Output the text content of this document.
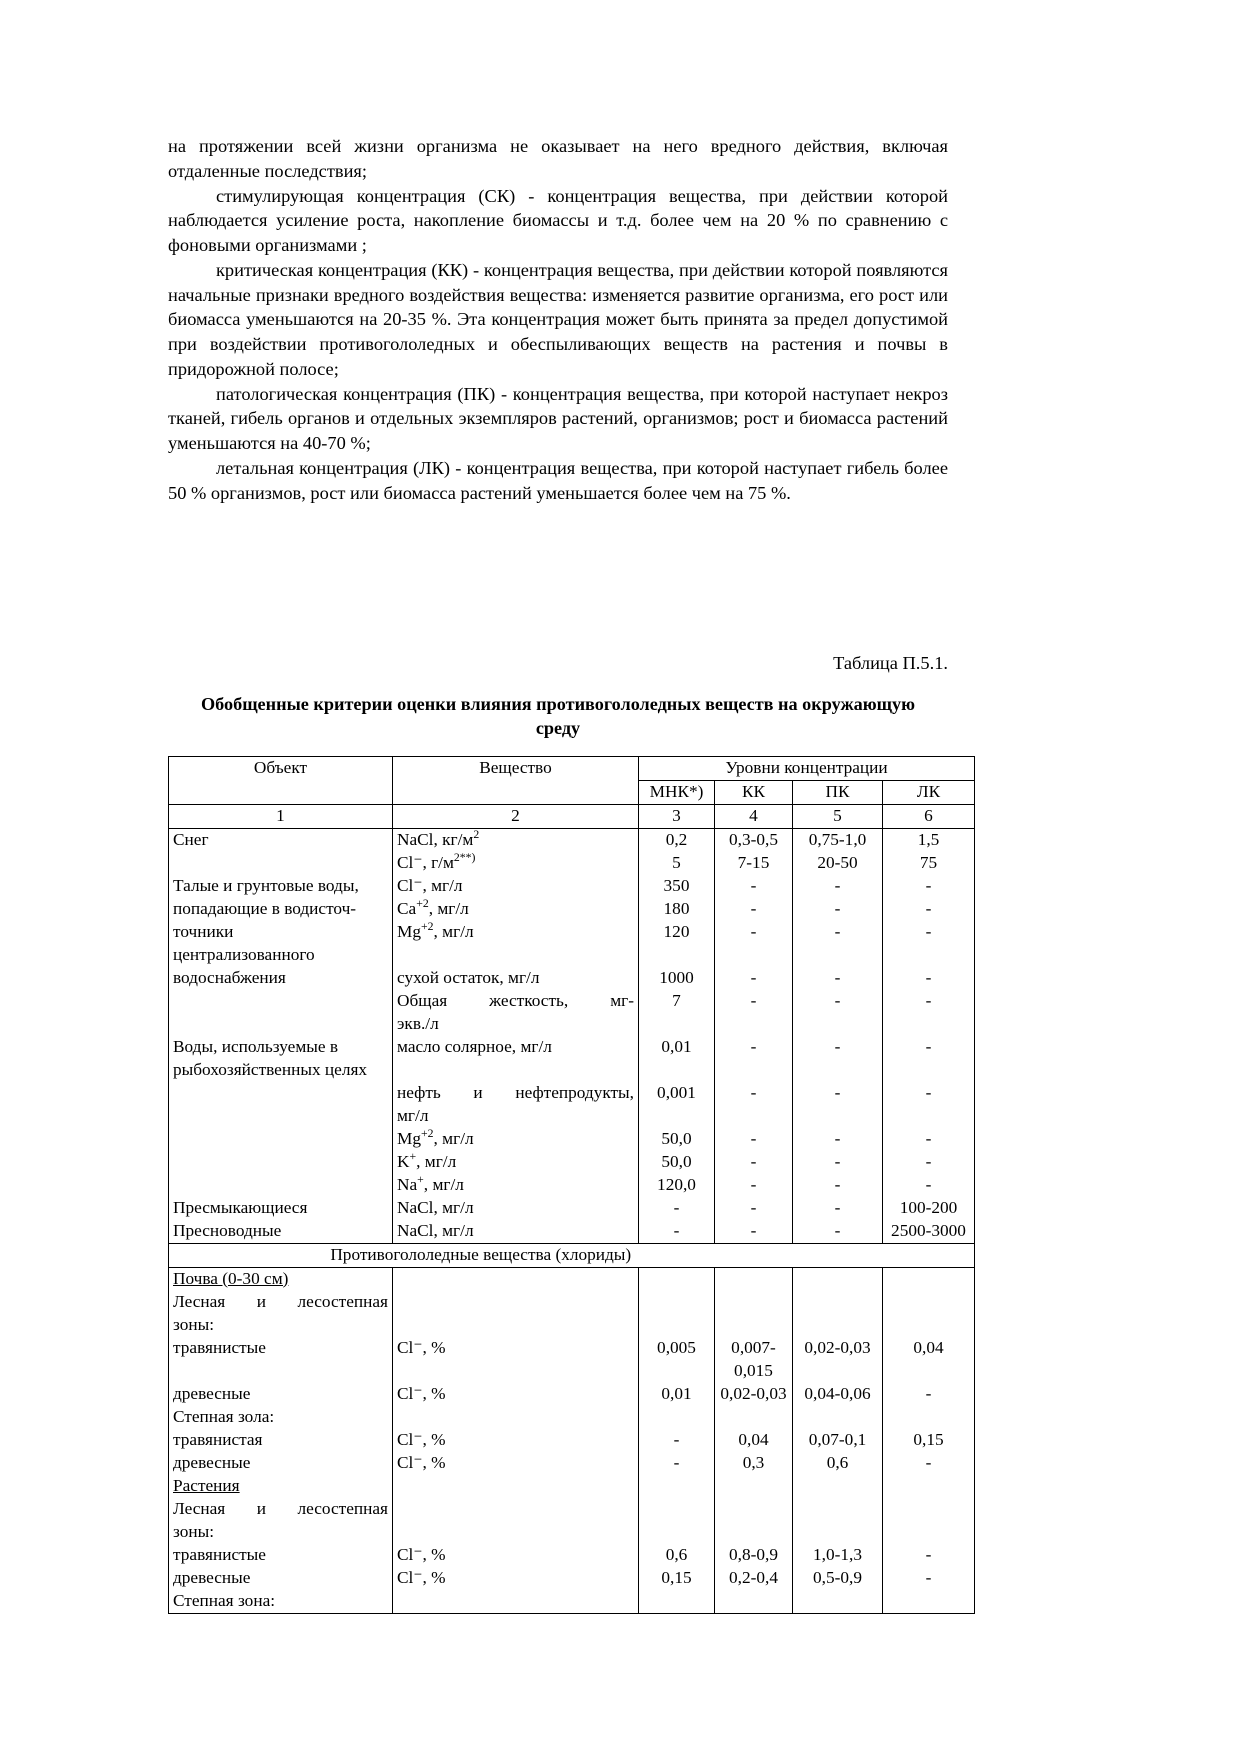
на протяжении всей жизни организма не оказывает на него вредного действия, включая отдаленные последствия;

стимулирующая концентрация (СК) - концентрация вещества, при действии которой наблюдается усиление роста, накопление биомассы и т.д. более чем на 20 % по сравнению с фоновыми организмами ;

критическая концентрация (КК) - концентрация вещества, при действии которой появляются начальные признаки вредного воздействия вещества: изменяется развитие организма, его рост или биомасса уменьшаются на 20-35 %. Эта концентрация может быть принята за предел допустимой при воздействии противогололедных и обеспыливающих веществ на растения и почвы в придорожной полосе;

патологическая концентрация (ПК) - концентрация вещества, при которой наступает некроз тканей, гибель органов и отдельных экземпляров растений, организмов; рост и биомасса растений уменьшаются на 40-70 %;

летальная концентрация (ЛК) - концентрация вещества, при которой наступает гибель более 50 % организмов, рост или биомасса растений уменьшается более чем на 75 %.

Таблица П.5.1.
Обобщенные критерии оценки влияния противогололедных веществ на окружающую среду
Объект	Вещество	Уровни концентрации			
		МНК*)	КК	ПК	ЛК
1	2	3	4	5	6
Снег	NaCl, $кг/м^2$	0,2	0,3-0,5	0,75-1,0	1,5
	Cl⁻, $г/м^{2**)}$	5	7-15	20-50	75
Талые и грунтовые воды,	Cl⁻, мг/л	350	-	-	-
попадающие в водисточ-	$Ca^{+2}$, мг/л	180	-	-	-
точники	$Mg^{+2}$, мг/л	120	-	-	-
централизованного					
водоснабжения	сухой остаток, мг/л	1000	-	-	-
	Общая жесткость, мг-	7	-	-	-
	экв./л				
Воды, используемые в	масло солярное, мг/л	0,01	-	-	-
рыбохозяйственных целях					
	нефть и нефтепродукты,	0,001	-	-	-
	мг/л				
	$Mg^{+2}$, мг/л	50,0	-	-	-
	K+, мг/л	50,0	-	-	-
	Na+, мг/л	120,0	-	-	-
Пресмыкающиеся	NaCl, мг/л	-	-	-	100-200
Пресноводные	NaCl, мг/л	-	-	-	2500-3000
Противогололедные вещества (хлориды)					
Почва (0-30 см)					
Лесная и лесостепная					
зоны:					
травянистые	Cl⁻, %	0,005	0,007-	0,02-0,03	0,04
			0,015		
древесные	Cl⁻, %	0,01	0,02-0,03	0,04-0,06	-
Степная зола:					
травянистая	Cl⁻, %	-	0,04	0,07-0,1	0,15
древесные	Cl⁻, %	-	0,3	0,6	-
Растения					
Лесная и лесостепная					
зоны:					
травянистые	Cl⁻, %	0,6	0,8-0,9	1,0-1,3	-
древесные	Cl⁻, %	0,15	0,2-0,4	0,5-0,9	-
Степная зона:					
